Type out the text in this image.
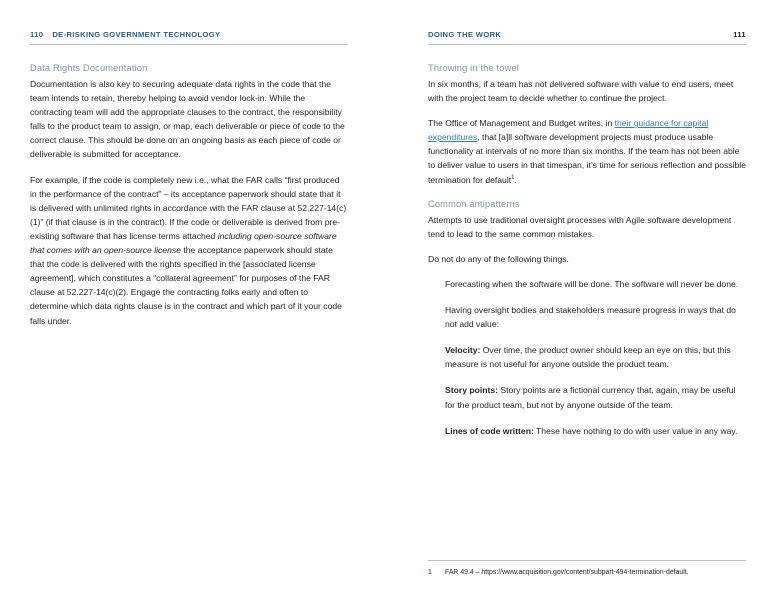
110 DE-RISKING GOVERNMENT TECHNOLOGY
Data Rights Documentation

Documentation is also key to securing adequate data rights in the code that the team intends to retain, thereby helping to avoid vendor lock-in. While the contracting team will add the appropriate clauses to the contract, the responsibility falls to the product team to assign, or map, each deliverable or piece of code to the correct clause. This should be done on an ongoing basis as each piece of code or deliverable is submitted for acceptance.

For example, if the code is completely new i.e., what the FAR calls “first produced in the performance of the contract” – its acceptance paperwork should state that it is delivered with unlimited rights in accordance with the FAR clause at 52.227-14(c)(1)” (if that clause is in the contract). If the code or deliverable is derived from pre-existing software that has license terms attached including open-source software that comes with an open-source license the acceptance paperwork should state that the code is delivered with the rights specified in the [associated license agreement], which constitutes a “collateral agreement” for purposes of the FAR clause at 52.227-14(c)(2). Engage the contracting folks early and often to determine which data rights clause is in the contract and which part of it your code falls under.

DOING THE WORK	111
Throwing in the towel

In six months, if a team has not delivered software with value to end users, meet with the project team to decide whether to continue the project.

The Office of Management and Budget writes, in their guidance for capital expenditures, that [a]ll software development projects must produce usable functionality at intervals of no more than six months. If the team has not been able to deliver value to users in that timespan, it’s time for serious reflection and possible termination for default$^1$.

Common antipatterns

Attempts to use traditional oversight processes with Agile software development tend to lead to the same common mistakes.

Do not do any of the following things.

Forecasting when the software will be done. The software will never be done.

Having oversight bodies and stakeholders measure progress in ways that do not add value:

Velocity: Over time, the product owner should keep an eye on this, but this measure is not useful for anyone outside the product team.

Story points: Story points are a fictional currency that, again, may be useful for the product team, but not by anyone outside of the team.

Lines of code written: These have nothing to do with user value in any way.

1	FAR 49.4 – https://www.acquisition.gov/content/subpart-494-termination-default.
